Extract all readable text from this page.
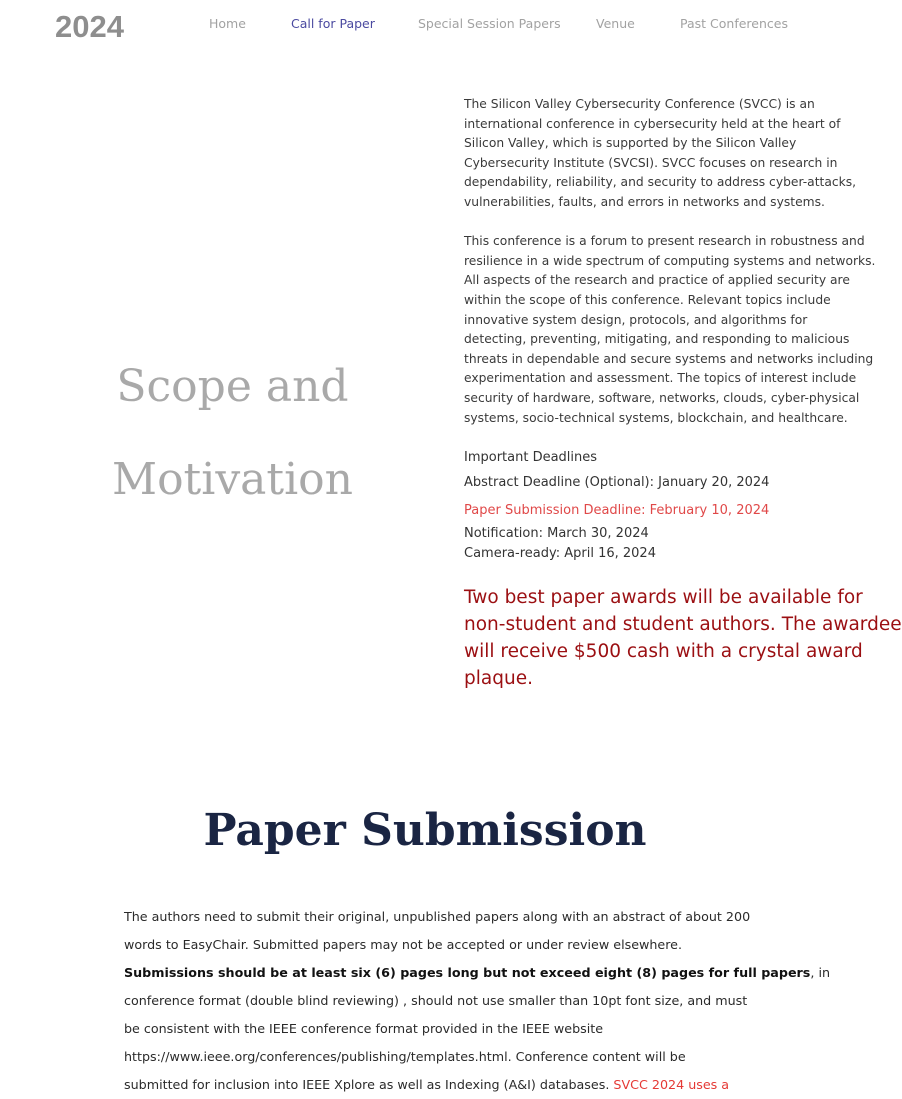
2024	Home	Call for Paper	Special Session Papers	Venue	Past Conferences
Scope and
Motivation
The Silicon Valley Cybersecurity Conference (SVCC) is an
international conference in cybersecurity held at the heart of
Silicon Valley, which is supported by the Silicon Valley
Cybersecurity Institute (SVCSI). SVCC focuses on research in
dependability, reliability, and security to address cyber-attacks,
vulnerabilities, faults, and errors in networks and systems.
This conference is a forum to present research in robustness and
resilience in a wide spectrum of computing systems and networks.
All aspects of the research and practice of applied security are
within the scope of this conference. Relevant topics include
innovative system design, protocols, and algorithms for
detecting, preventing, mitigating, and responding to malicious
threats in dependable and secure systems and networks including
experimentation and assessment. The topics of interest include
security of hardware, software, networks, clouds, cyber-physical
systems, socio-technical systems, blockchain, and healthcare.
Important Deadlines
Abstract Deadline (Optional): January 20, 2024
Paper Submission Deadline: February 10, 2024
Notification: March 30, 2024
Camera-ready: April 16, 2024
Two best paper awards will be available for
non-student and student authors. The awardee
will receive $500 cash with a crystal award
plaque.
Paper Submission
The authors need to submit their original, unpublished papers along with an abstract of about 200
words to EasyChair. Submitted papers may not be accepted or under review elsewhere.
Submissions should be at least six (6) pages long but not exceed eight (8) pages for full papers, in
conference format (double blind reviewing) , should not use smaller than 10pt font size, and must
be consistent with the IEEE conference format provided in the IEEE website
https://www.ieee.org/conferences/publishing/templates.html. Conference content will be
submitted for inclusion into IEEE Xplore as well as Indexing (A&I) databases. SVCC 2024 uses a
